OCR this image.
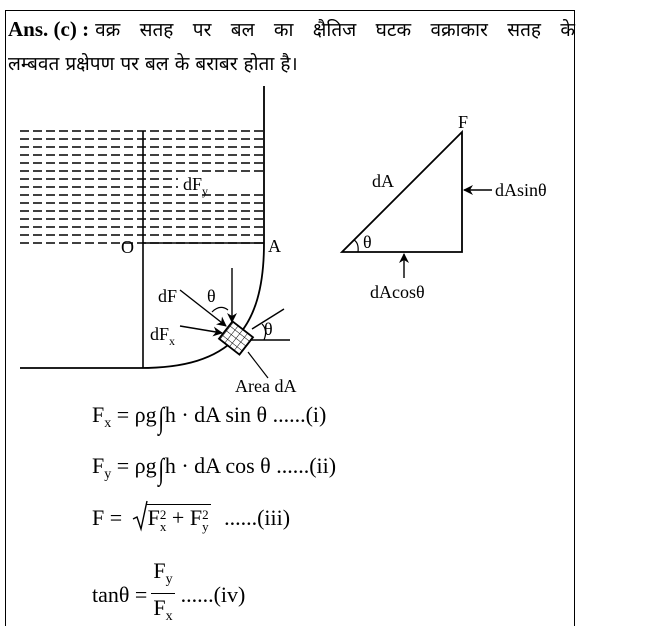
Ans. (c) : वक्र सतह पर बल का क्षैतिज घटक वक्राकार सतह के
लम्बवत प्रक्षेपण पर बल के बराबर होता है।
$dF_y$
O	A
dF θ
θ
$dF_x$
Area dA
F
dA
θ
dAsinθ
dAcosθ
$F_x = \rho g\int h$ · dA sin θ ......(i)
$F_y = \rho g\int h$ · dA cos θ ......(ii)
F = F 2
x + F 2
y ......(iii)
$\tan\theta = \frac{F_y}{F_x} ......(iv)$
